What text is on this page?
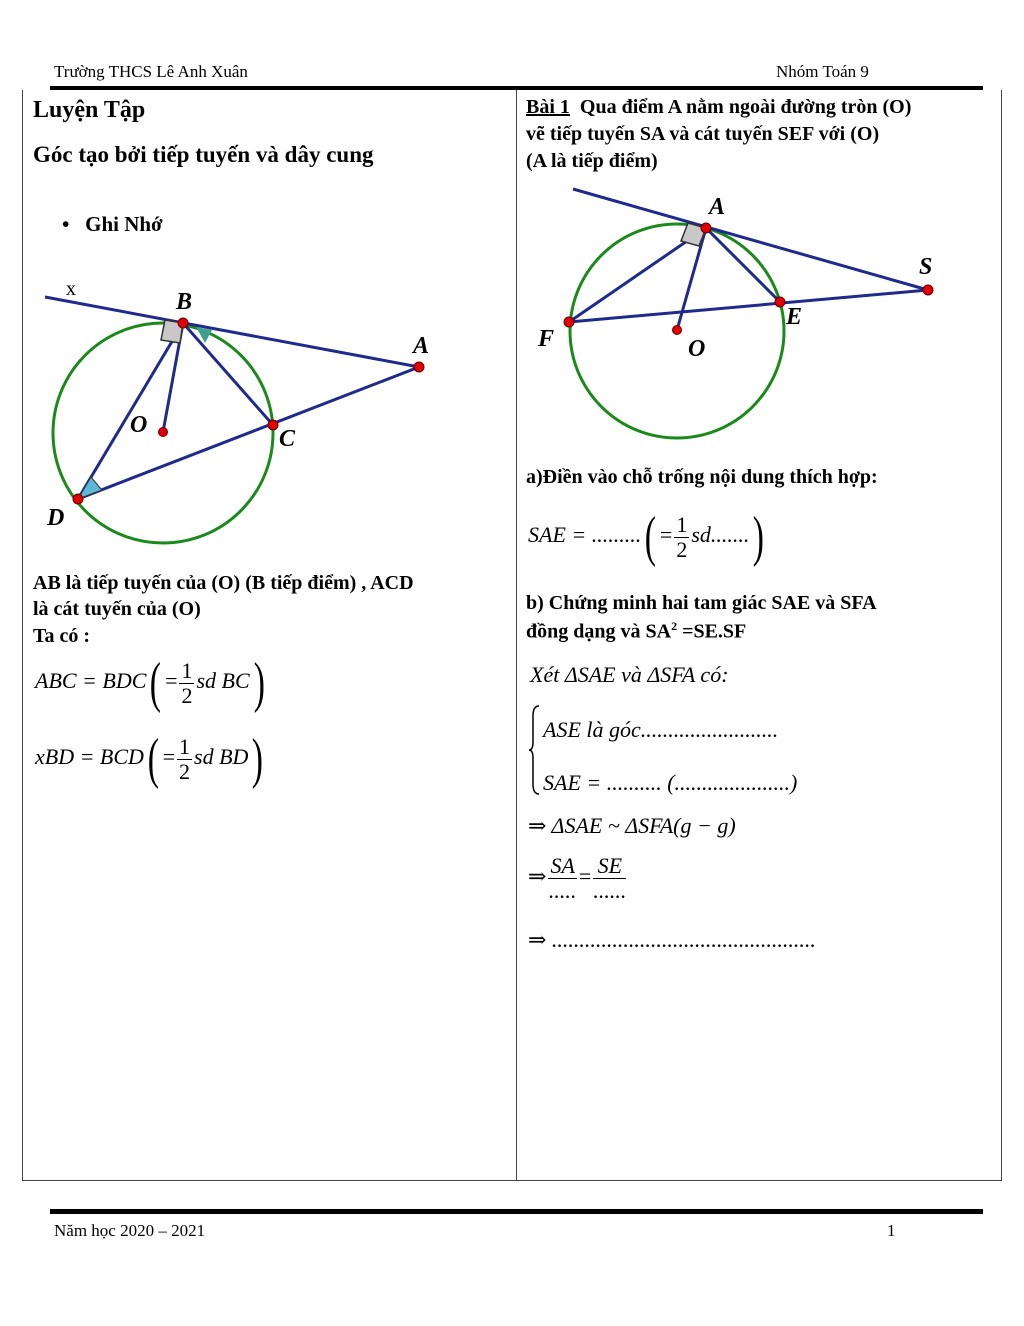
Trường THCS Lê Anh Xuân	Nhóm Toán 9
Luyện Tập
Góc tạo bởi tiếp tuyến và dây cung
•   Ghi Nhớ
x	B
A
O
C
D
A
S
E
F	O
AB là tiếp tuyến của (O) (B tiếp điểm) , ACD
là cát tuyến của (O)
Ta có :
ABC = $BDC( = \frac{1}{2}$ sd BC)
xBD = $BCD( = \frac{1}{2}$ sd BD)
Bài 1 Qua điểm A nằm ngoài đường tròn (O)
vẽ tiếp tuyến SA và cát tuyến SEF với (O)
(A là tiếp điểm)
a)Điền vào chỗ trống nội dung thích hợp:
SAE = .........( = $\frac{1}{2} sd$.......)
b) Chứng minh hai tam giác SAE và SFA
đồng dạng và $SA^2 =SE.SF$
Xét ΔSAE và ΔSFA có:
ASE là góc.........................
SAE = .......... (.....................)
⇒ ΔSAE ~ ΔSFA(g − g)
⇒ $\frac{SA}{.....} = \frac{SE}{......}$
⇒ ................................................
Năm học 2020 – 2021	1
